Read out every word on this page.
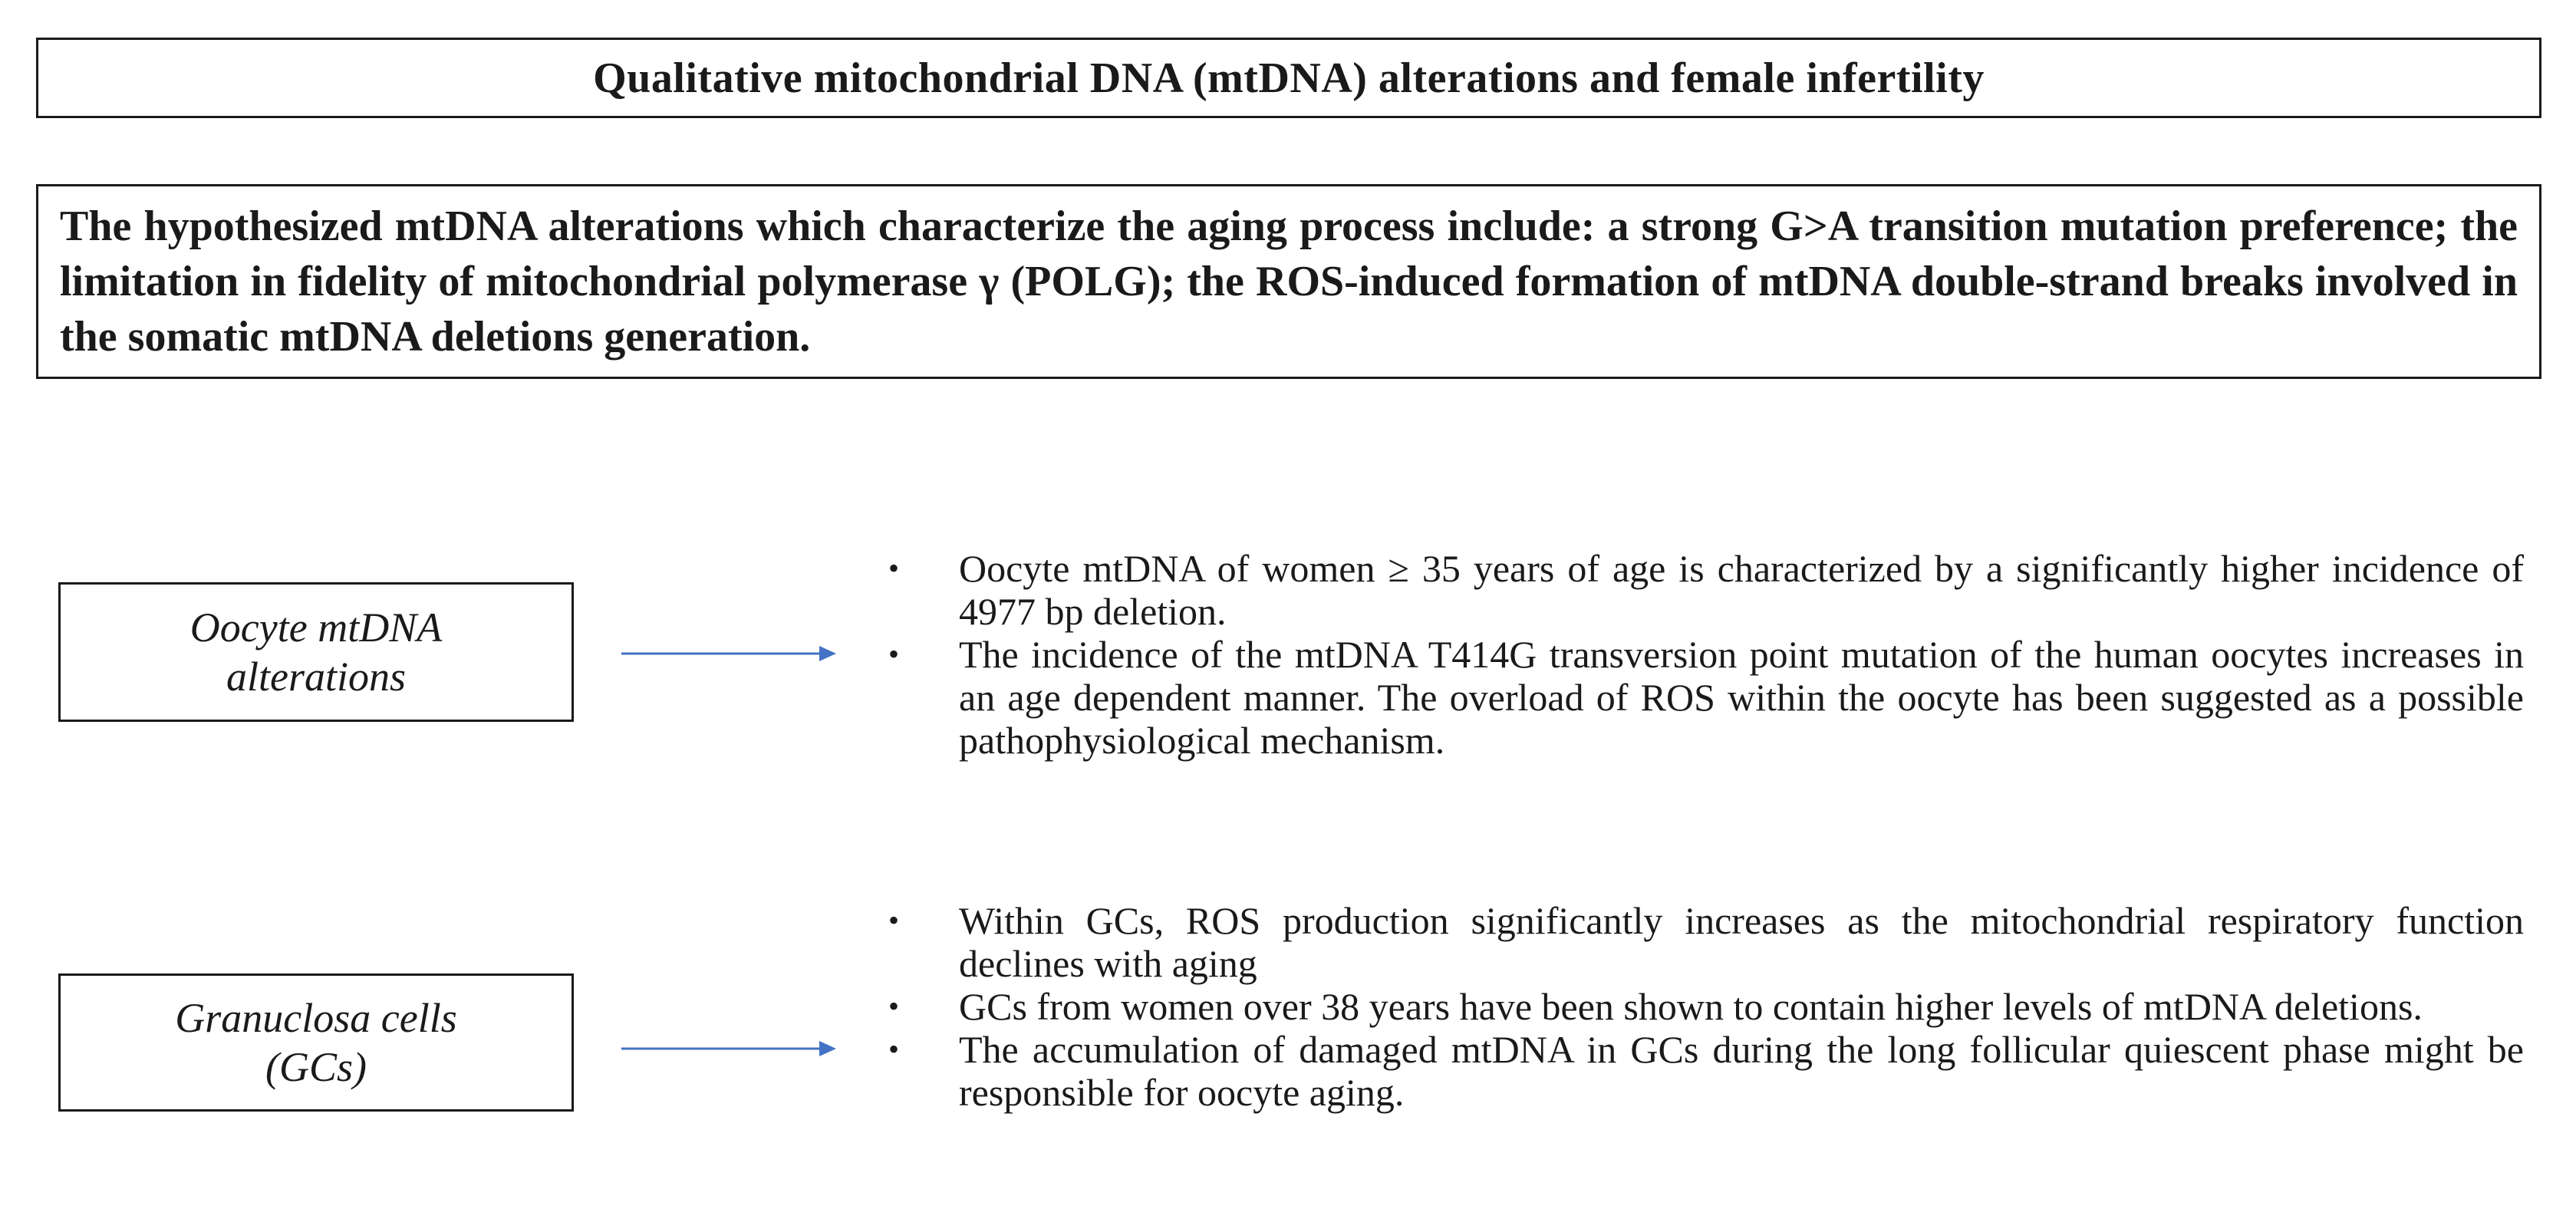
Qualitative mitochondrial DNA (mtDNA) alterations and female infertility
The hypothesized mtDNA alterations which characterize the aging process include: a strong G>A transition mutation preference; the limitation in fidelity of mitochondrial polymerase γ (POLG); the ROS-induced formation of mtDNA double-strand breaks involved in the somatic mtDNA deletions generation.
Oocyte mtDNA
alterations
• Oocyte mtDNA of women ≥ 35 years of age is characterized by a significantly higher incidence of 4977 bp deletion.
• The incidence of the mtDNA T414G transversion point mutation of the human oocytes increases in an age dependent manner. The overload of ROS within the oocyte has been suggested as a possible pathophysiological mechanism.
Granuclosa cells
(GCs)
• Within GCs, ROS production significantly increases as the mitochondrial respiratory function declines with aging
• GCs from women over 38 years have been shown to contain higher levels of mtDNA deletions.
• The accumulation of damaged mtDNA in GCs during the long follicular quiescent phase might be responsible for oocyte aging.
